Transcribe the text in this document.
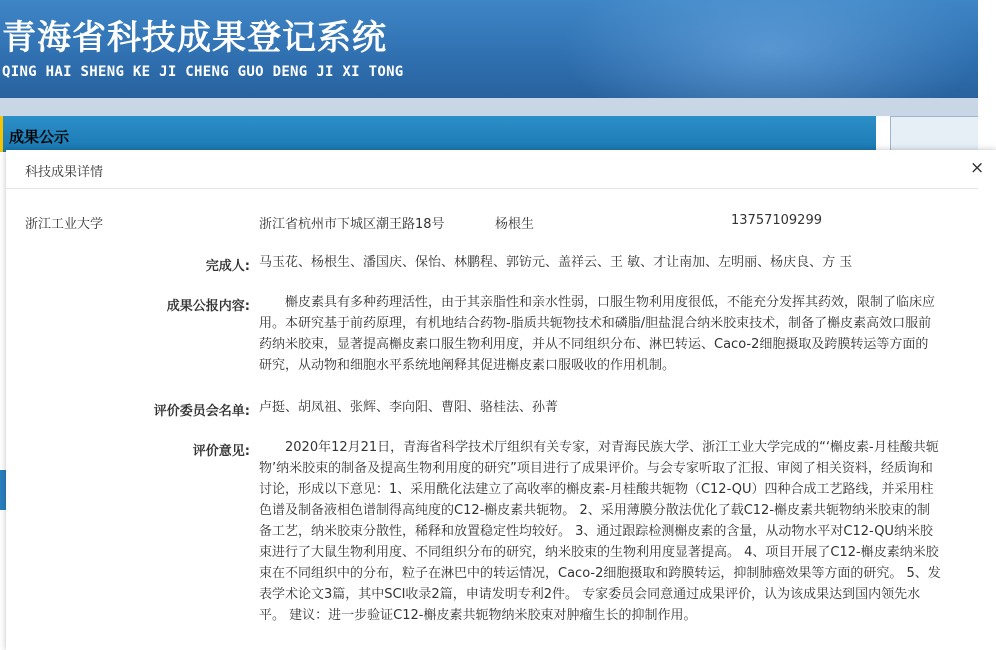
青海省科技成果登记系统
QING HAI SHENG KE JI CHENG GUO DENG JI XI TONG
成果公示
科技成果详情	×
浙江工业大学	浙江省杭州市下城区潮王路18号	杨根生	13757109299
完成人: 马玉花、杨根生、潘国庆、保怡、林鹏程、郭钫元、盖祥云、王 敏、才让南加、左明丽、杨庆良、方 玉
成果公报内容:	槲皮素具有多种药理活性，由于其亲脂性和亲水性弱，口服生物利用度很低，不能充分发挥其药效，限制了临床应用。本研究基于前药原理，有机地结合药物-脂质共轭物技术和磷脂/胆盐混合纳米胶束技术，制备了槲皮素高效口服前药纳米胶束，显著提高槲皮素口服生物利用度，并从不同组织分布、淋巴转运、Caco-2细胞摄取及跨膜转运等方面的研究，从动物和细胞水平系统地阐释其促进槲皮素口服吸收的作用机制。
评价委员会名单: 卢挺、胡凤祖、张辉、李向阳、曹阳、骆桂法、孙菁
评价意见:	2020年12月21日，青海省科学技术厅组织有关专家，对青海民族大学、浙江工业大学完成的“‘槲皮素-月桂酸共轭物’纳米胶束的制备及提高生物利用度的研究”项目进行了成果评价。与会专家听取了汇报、审阅了相关资料，经质询和讨论，形成以下意见：1、采用酰化法建立了高收率的槲皮素-月桂酸共轭物（C12-QU）四种合成工艺路线，并采用柱色谱及制备液相色谱制得高纯度的C12-槲皮素共轭物。 2、采用薄膜分散法优化了载C12-槲皮素共轭物纳米胶束的制备工艺，纳米胶束分散性，稀释和放置稳定性均较好。 3、通过跟踪检测槲皮素的含量，从动物水平对C12-QU纳米胶束进行了大鼠生物利用度、不同组织分布的研究，纳米胶束的生物利用度显著提高。 4、项目开展了C12-槲皮素纳米胶束在不同组织中的分布，粒子在淋巴中的转运情况，Caco-2细胞摄取和跨膜转运，抑制肺癌效果等方面的研究。 5、发表学术论文3篇，其中SCI收录2篇，申请发明专利2件。 专家委员会同意通过成果评价，认为该成果达到国内领先水平。 建议：进一步验证C12-槲皮素共轭物纳米胶束对肿瘤生长的抑制作用。
